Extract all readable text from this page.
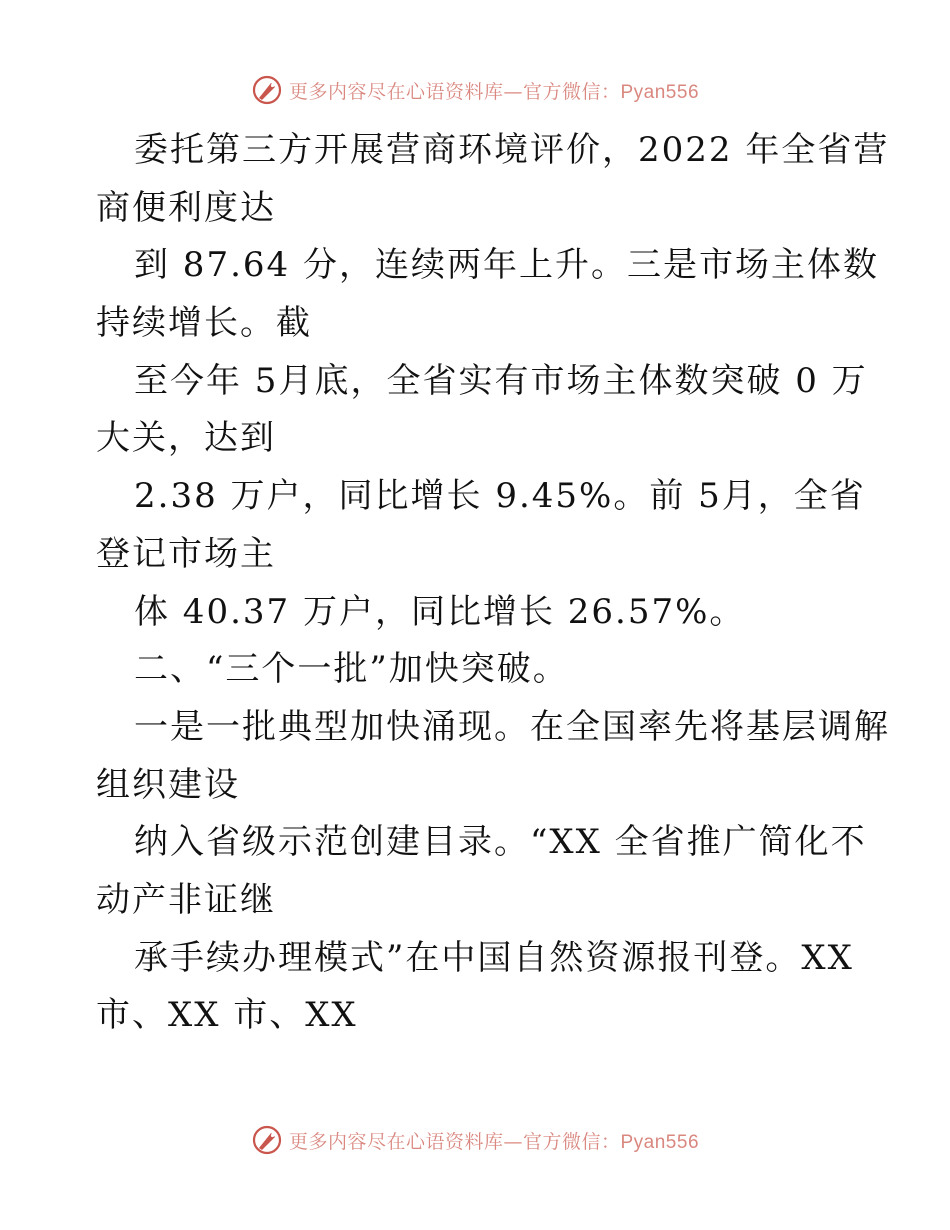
更多内容尽在心语资料库—官方微信：Pyan556
委托第三方开展营商环境评价，2022 年全省营
商便利度达
到 87.64 分，连续两年上升。三是市场主体数
持续增长。截
至今年 5月底，全省实有市场主体数突破 0 万
大关，达到
2.38 万户，同比增长 9.45%。前 5月，全省
登记市场主
体 40.37 万户，同比增长 26.57%。
二、“三个一批”加快突破。
一是一批典型加快涌现。在全国率先将基层调解
组织建设
纳入省级示范创建目录。“XX 全省推广简化不
动产非证继
承手续办理模式”在中国自然资源报刊登。XX
市、XX 市、XX
更多内容尽在心语资料库—官方微信：Pyan556
